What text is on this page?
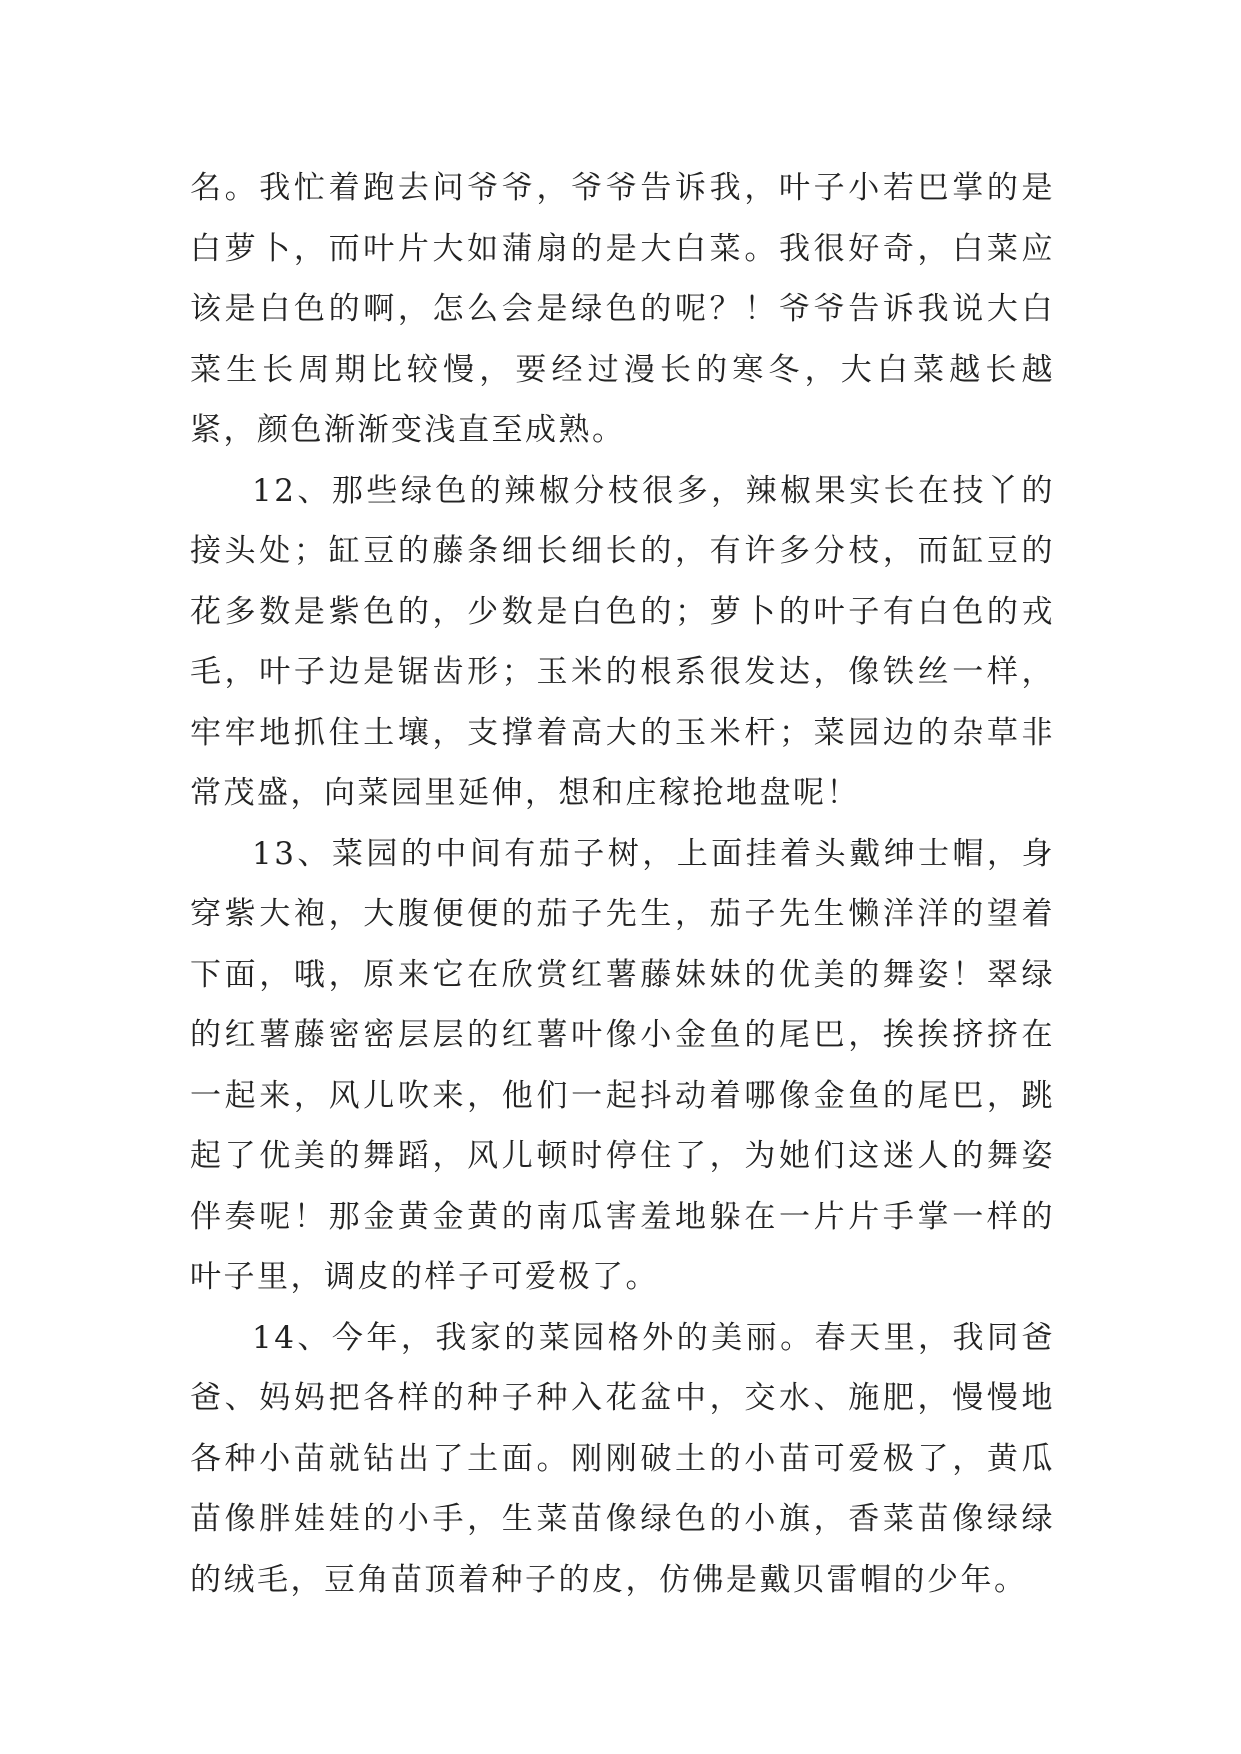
名。我忙着跑去问爷爷，爷爷告诉我，叶子小若巴掌的是白萝卜，而叶片大如蒲扇的是大白菜。我很好奇，白菜应该是白色的啊，怎么会是绿色的呢？！爷爷告诉我说大白菜生长周期比较慢，要经过漫长的寒冬，大白菜越长越紧，颜色渐渐变浅直至成熟。

12、那些绿色的辣椒分枝很多，辣椒果实长在技丫的接头处；缸豆的藤条细长细长的，有许多分枝，而缸豆的花多数是紫色的，少数是白色的；萝卜的叶子有白色的戎毛，叶子边是锯齿形；玉米的根系很发达，像铁丝一样，牢牢地抓住土壤，支撑着高大的玉米杆；菜园边的杂草非常茂盛，向菜园里延伸，想和庄稼抢地盘呢！

13、菜园的中间有茄子树，上面挂着头戴绅士帽，身穿紫大袍，大腹便便的茄子先生，茄子先生懒洋洋的望着下面，哦，原来它在欣赏红薯藤妹妹的优美的舞姿！翠绿的红薯藤密密层层的红薯叶像小金鱼的尾巴，挨挨挤挤在一起来，风儿吹来，他们一起抖动着哪像金鱼的尾巴，跳起了优美的舞蹈，风儿顿时停住了，为她们这迷人的舞姿伴奏呢！那金黄金黄的南瓜害羞地躲在一片片手掌一样的叶子里，调皮的样子可爱极了。

14、今年，我家的菜园格外的美丽。春天里，我同爸爸、妈妈把各样的种子种入花盆中，交水、施肥，慢慢地各种小苗就钻出了土面。刚刚破土的小苗可爱极了，黄瓜苗像胖娃娃的小手，生菜苗像绿色的小旗，香菜苗像绿绿的绒毛，豆角苗顶着种子的皮，仿佛是戴贝雷帽的少年。
